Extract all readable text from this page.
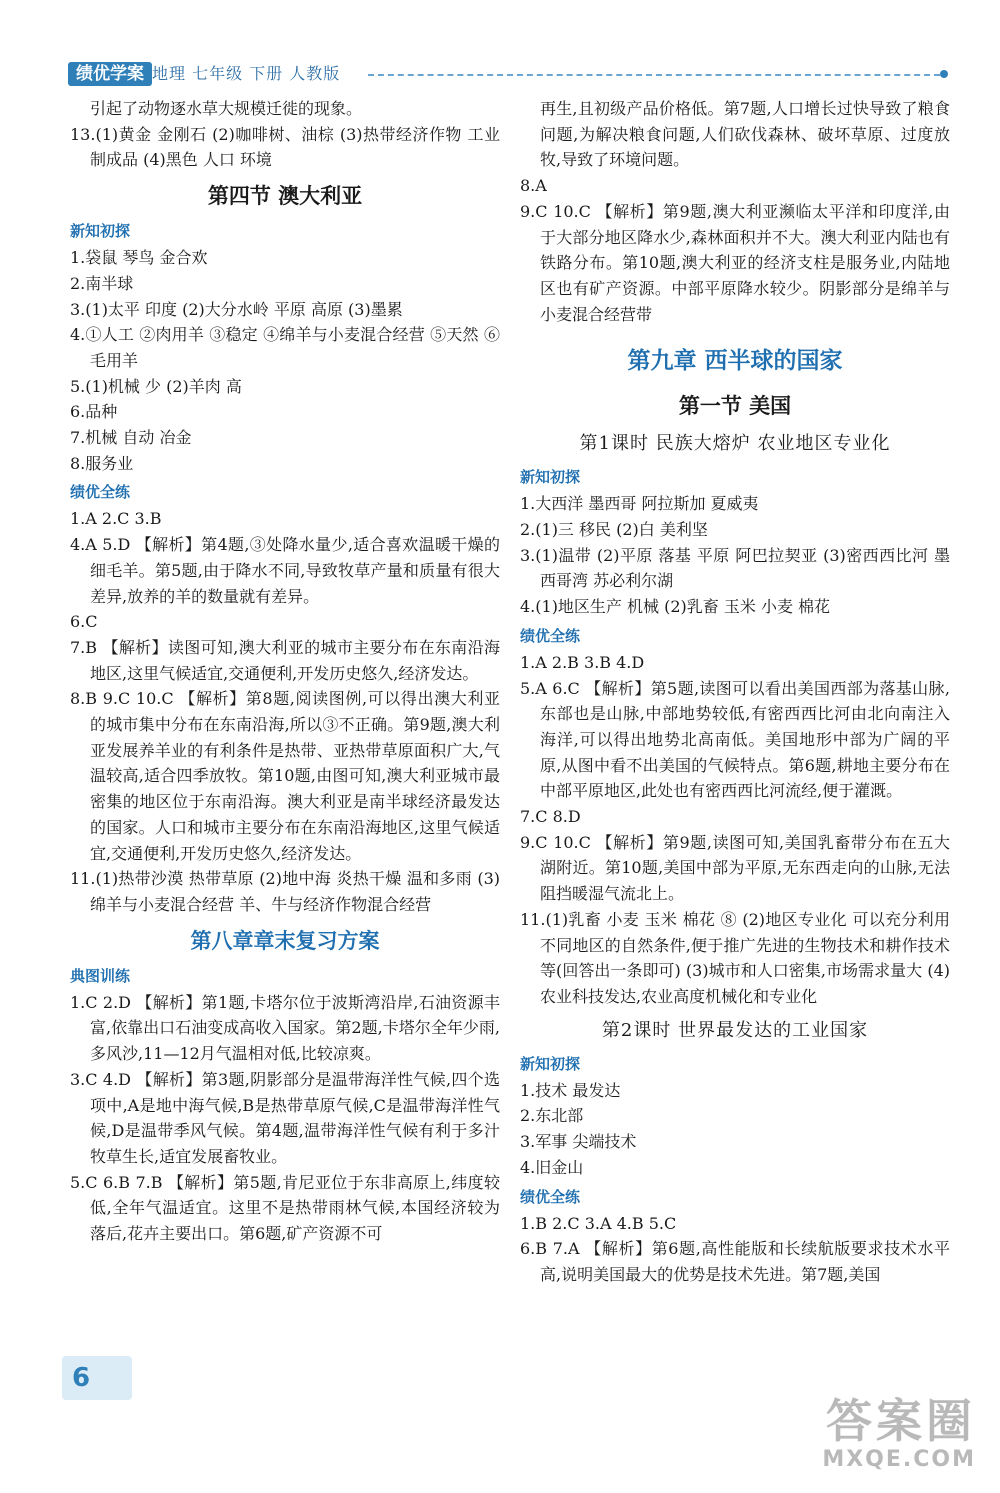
绩优学案 地理 七年级 下册 人教版

引起了动物逐水草大规模迁徙的现象。

13.(1)黄金 金刚石 (2)咖啡树、油棕 (3)热带经济作物 工业制成品 (4)黑色 人口 环境

第四节 澳大利亚
新知初探

1.袋鼠 琴鸟 金合欢

2.南半球

3.(1)太平 印度 (2)大分水岭 平原 高原 (3)墨累

4.①人工 ②肉用羊 ③稳定 ④绵羊与小麦混合经营 ⑤天然 ⑥毛用羊

5.(1)机械 少 (2)羊肉 高

6.品种

7.机械 自动 冶金

8.服务业

绩优全练

1.A 2.C 3.B

4.A 5.D 【解析】第4题,③处降水量少,适合喜欢温暖干燥的细毛羊。第5题,由于降水不同,导致牧草产量和质量有很大差异,放养的羊的数量就有差异。

6.C

7.B 【解析】读图可知,澳大利亚的城市主要分布在东南沿海地区,这里气候适宜,交通便利,开发历史悠久,经济发达。

8.B 9.C 10.C 【解析】第8题,阅读图例,可以得出澳大利亚的城市集中分布在东南沿海,所以③不正确。第9题,澳大利亚发展养羊业的有利条件是热带、亚热带草原面积广大,气温较高,适合四季放牧。第10题,由图可知,澳大利亚城市最密集的地区位于东南沿海。澳大利亚是南半球经济最发达的国家。人口和城市主要分布在东南沿海地区,这里气候适宜,交通便利,开发历史悠久,经济发达。

11.(1)热带沙漠 热带草原 (2)地中海 炎热干燥 温和多雨 (3)绵羊与小麦混合经营 羊、牛与经济作物混合经营

第八章章末复习方案
典图训练

1.C 2.D 【解析】第1题,卡塔尔位于波斯湾沿岸,石油资源丰富,依靠出口石油变成高收入国家。第2题,卡塔尔全年少雨,多风沙,11—12月气温相对低,比较凉爽。

3.C 4.D 【解析】第3题,阴影部分是温带海洋性气候,四个选项中,A是地中海气候,B是热带草原气候,C是温带海洋性气候,D是温带季风气候。第4题,温带海洋性气候有利于多汁牧草生长,适宜发展畜牧业。

5.C 6.B 7.B 【解析】第5题,肯尼亚位于东非高原上,纬度较低,全年气温适宜。这里不是热带雨林气候,本国经济较为落后,花卉主要出口。第6题,矿产资源不可

再生,且初级产品价格低。第7题,人口增长过快导致了粮食问题,为解决粮食问题,人们砍伐森林、破坏草原、过度放牧,导致了环境问题。

8.A

9.C 10.C 【解析】第9题,澳大利亚濒临太平洋和印度洋,由于大部分地区降水少,森林面积并不大。澳大利亚内陆也有铁路分布。第10题,澳大利亚的经济支柱是服务业,内陆地区也有矿产资源。中部平原降水较少。阴影部分是绵羊与小麦混合经营带

第九章 西半球的国家
第一节 美国
第1课时 民族大熔炉 农业地区专业化
新知初探

1.大西洋 墨西哥 阿拉斯加 夏威夷

2.(1)三 移民 (2)白 美利坚

3.(1)温带 (2)平原 落基 平原 阿巴拉契亚 (3)密西西比河 墨西哥湾 苏必利尔湖

4.(1)地区生产 机械 (2)乳畜 玉米 小麦 棉花

绩优全练

1.A 2.B 3.B 4.D

5.A 6.C 【解析】第5题,读图可以看出美国西部为落基山脉,东部也是山脉,中部地势较低,有密西西比河由北向南注入海洋,可以得出地势北高南低。美国地形中部为广阔的平原,从图中看不出美国的气候特点。第6题,耕地主要分布在中部平原地区,此处也有密西西比河流经,便于灌溉。

7.C 8.D

9.C 10.C 【解析】第9题,读图可知,美国乳畜带分布在五大湖附近。第10题,美国中部为平原,无东西走向的山脉,无法阻挡暖湿气流北上。

11.(1)乳畜 小麦 玉米 棉花 ⑧ (2)地区专业化 可以充分利用不同地区的自然条件,便于推广先进的生物技术和耕作技术等(回答出一条即可) (3)城市和人口密集,市场需求量大 (4)农业科技发达,农业高度机械化和专业化

第2课时 世界最发达的工业国家
新知初探

1.技术 最发达

2.东北部

3.军事 尖端技术

4.旧金山

绩优全练

1.B 2.C 3.A 4.B 5.C

6.B 7.A 【解析】第6题,高性能版和长续航版要求技术水平高,说明美国最大的优势是技术先进。第7题,美国

6
答案圈
MXQE.COM
